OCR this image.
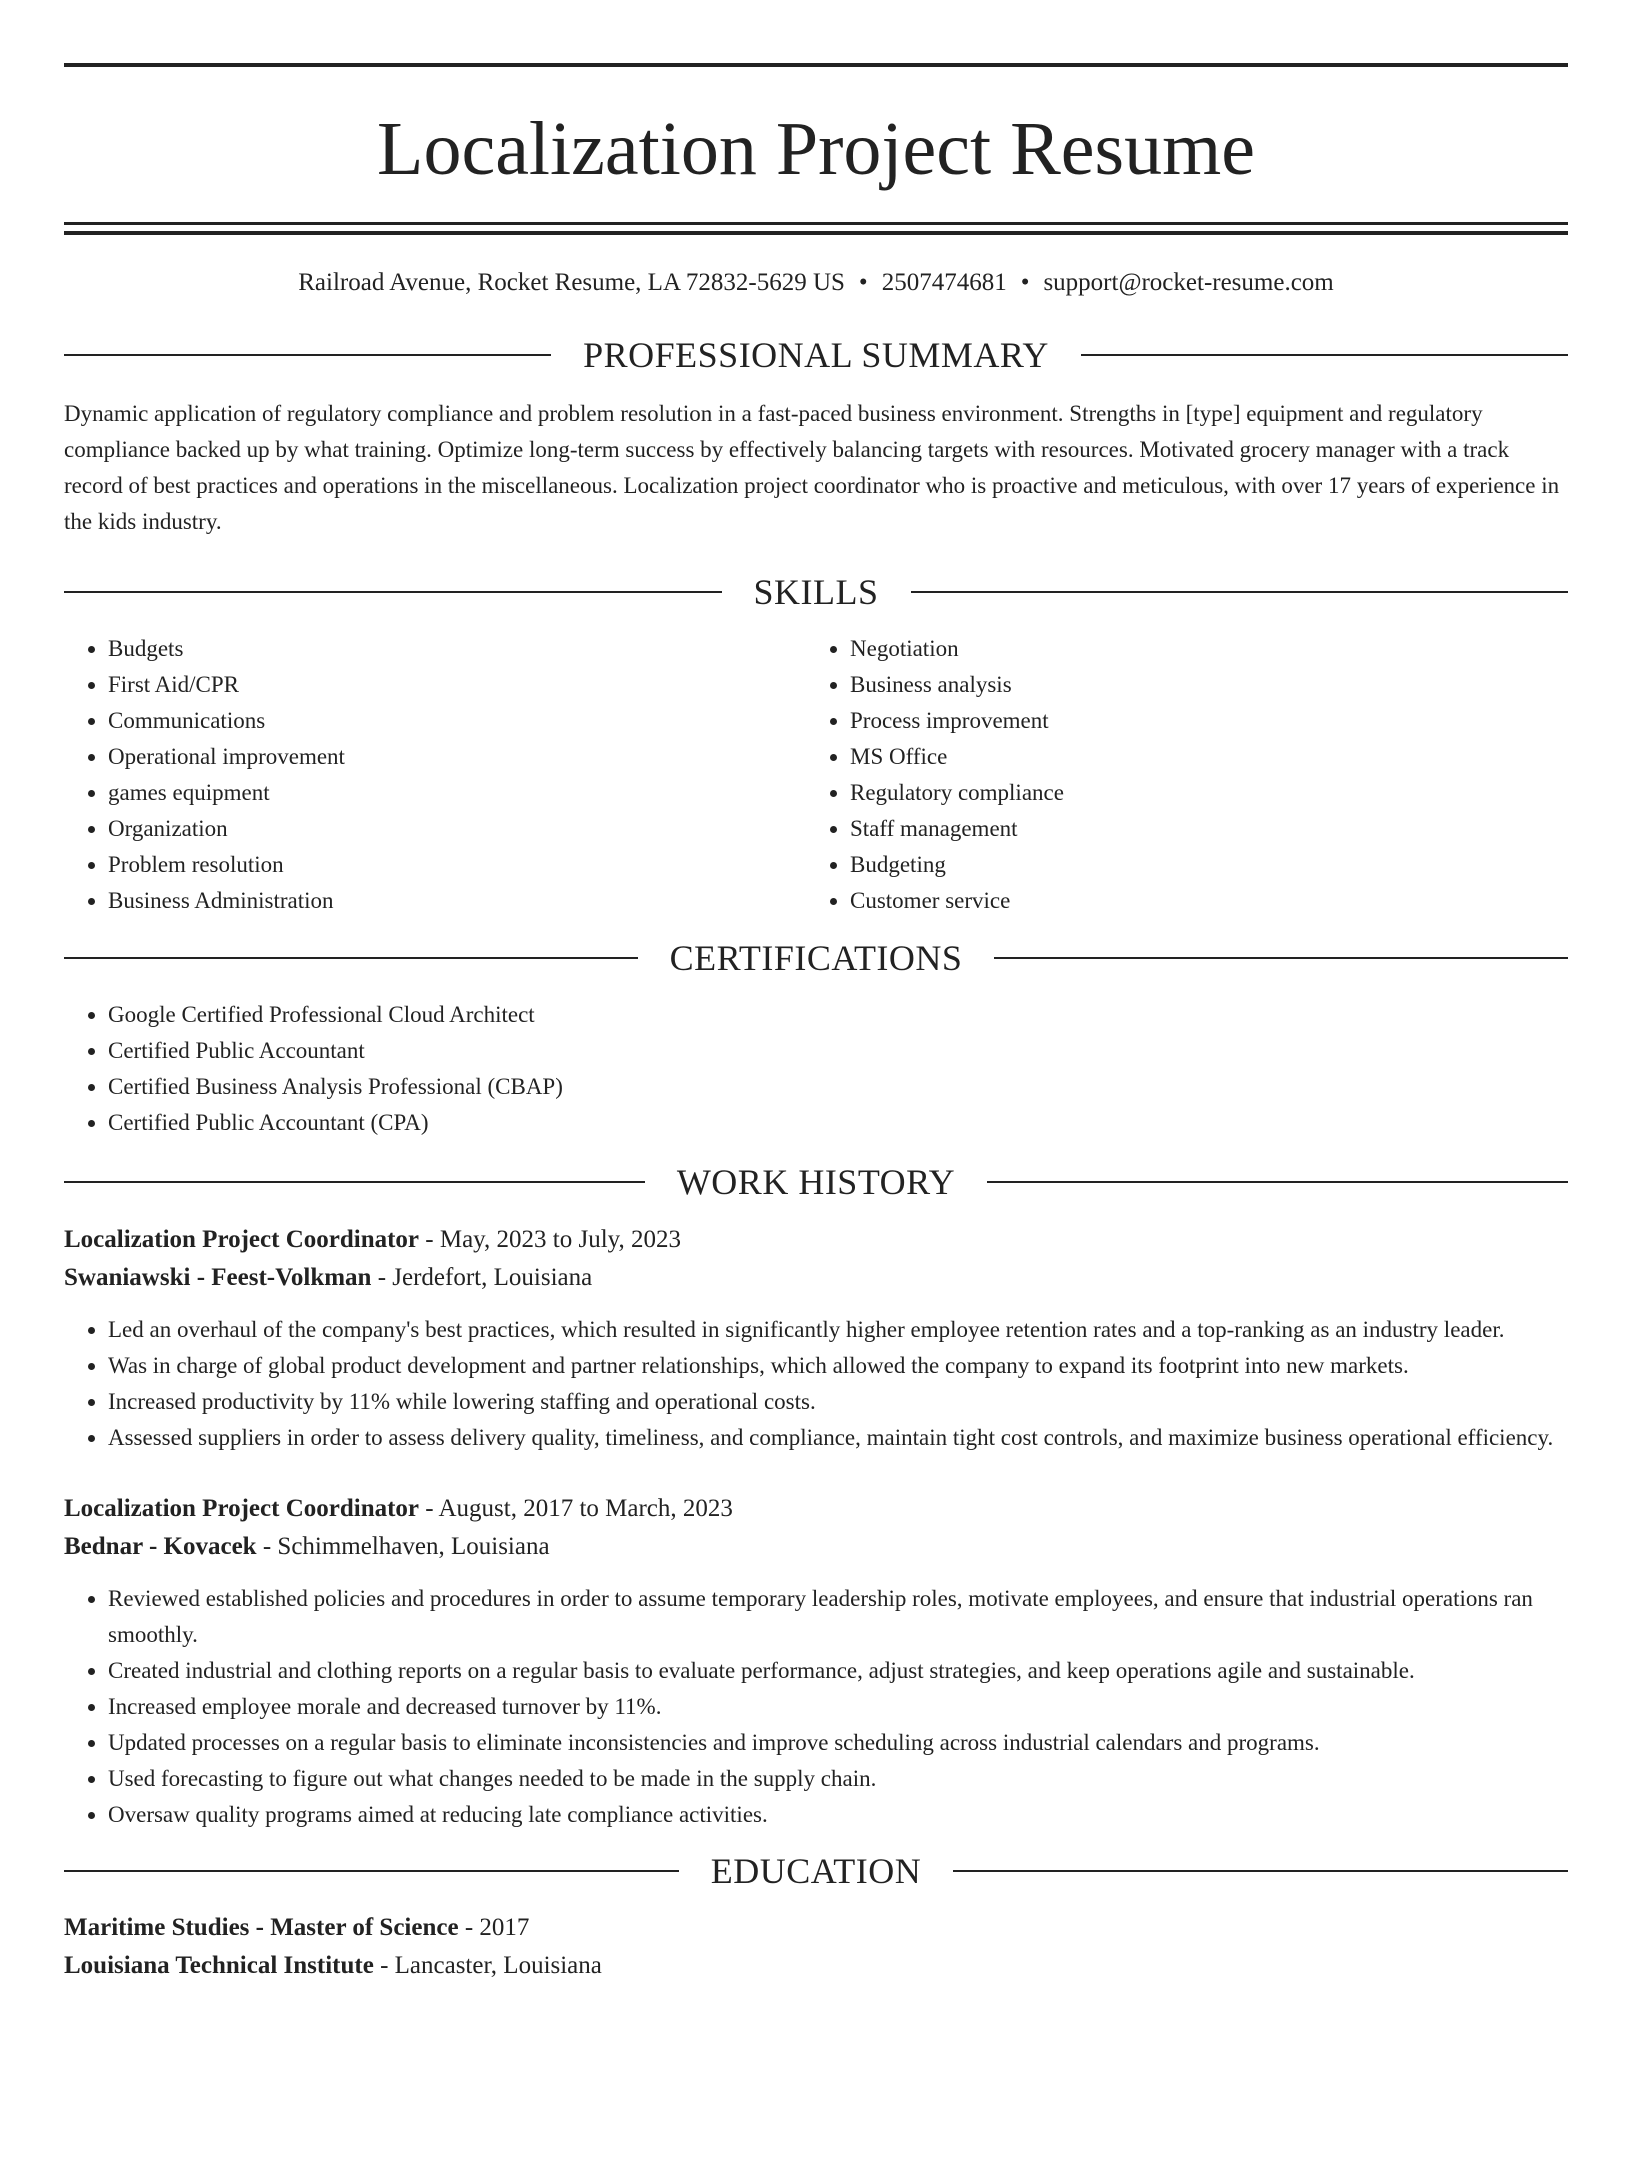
Localization Project Resume
Railroad Avenue, Rocket Resume, LA 72832-5629 US • 2507474681 • support@rocket-resume.com
PROFESSIONAL SUMMARY
Dynamic application of regulatory compliance and problem resolution in a fast-paced business environment. Strengths in [type] equipment and regulatory compliance backed up by what training. Optimize long-term success by effectively balancing targets with resources. Motivated grocery manager with a track record of best practices and operations in the miscellaneous. Localization project coordinator who is proactive and meticulous, with over 17 years of experience in the kids industry.
SKILLS
• Budgets
• First Aid/CPR
• Communications
• Operational improvement
• games equipment
• Organization
• Problem resolution
• Business Administration
• Negotiation
• Business analysis
• Process improvement
• MS Office
• Regulatory compliance
• Staff management
• Budgeting
• Customer service
CERTIFICATIONS
• Google Certified Professional Cloud Architect
• Certified Public Accountant
• Certified Business Analysis Professional (CBAP)
• Certified Public Accountant (CPA)
WORK HISTORY
Localization Project Coordinator - May, 2023 to July, 2023
Swaniawski - Feest-Volkman - Jerdefort, Louisiana
• Led an overhaul of the company's best practices, which resulted in significantly higher employee retention rates and a top-ranking as an industry leader.
• Was in charge of global product development and partner relationships, which allowed the company to expand its footprint into new markets.
• Increased productivity by 11% while lowering staffing and operational costs.
• Assessed suppliers in order to assess delivery quality, timeliness, and compliance, maintain tight cost controls, and maximize business operational efficiency.
Localization Project Coordinator - August, 2017 to March, 2023
Bednar - Kovacek - Schimmelhaven, Louisiana
• Reviewed established policies and procedures in order to assume temporary leadership roles, motivate employees, and ensure that industrial operations ran smoothly.
• Created industrial and clothing reports on a regular basis to evaluate performance, adjust strategies, and keep operations agile and sustainable.
• Increased employee morale and decreased turnover by 11%.
• Updated processes on a regular basis to eliminate inconsistencies and improve scheduling across industrial calendars and programs.
• Used forecasting to figure out what changes needed to be made in the supply chain.
• Oversaw quality programs aimed at reducing late compliance activities.
EDUCATION
Maritime Studies - Master of Science - 2017
Louisiana Technical Institute - Lancaster, Louisiana
